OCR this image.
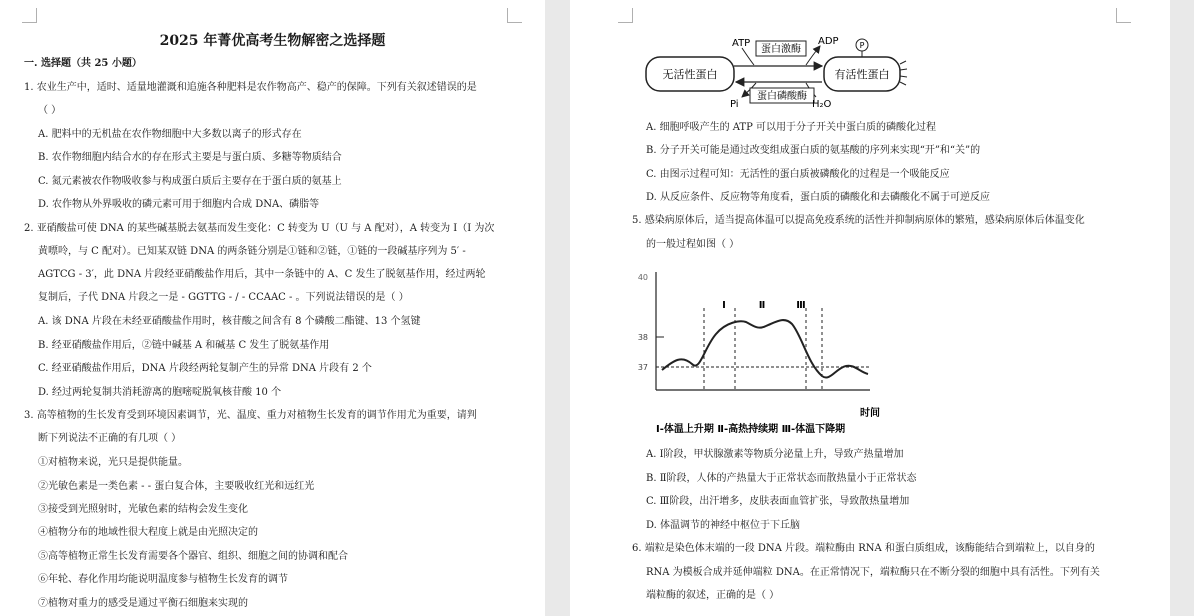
2025 年菁优高考生物解密之选择题
一. 选择题（共 25 小题）
1. 农业生产中，适时、适量地灌溉和追施各种肥料是农作物高产、稳产的保障。下列有关叙述错误的是
（ ）
A. 肥料中的无机盐在农作物细胞中大多数以离子的形式存在
B. 农作物细胞内结合水的存在形式主要是与蛋白质、多糖等物质结合
C. 氮元素被农作物吸收参与构成蛋白质后主要存在于蛋白质的氨基上
D. 农作物从外界吸收的磷元素可用于细胞内合成 DNA、磷脂等
2. 亚硝酸盐可使 DNA 的某些碱基脱去氨基而发生变化：C 转变为 U（U 与 A 配对），A 转变为 I（I 为次
黄嘌呤，与 C 配对）。已知某双链 DNA 的两条链分别是①链和②链，①链的一段碱基序列为 5′ -
AGTCG - 3′，此 DNA 片段经亚硝酸盐作用后，其中一条链中的 A、C 发生了脱氨基作用，经过两轮
复制后，子代 DNA 片段之一是 - GGTTG - / - CCAAC - 。下列说法错误的是（ ）
A. 该 DNA 片段在未经亚硝酸盐作用时，核苷酸之间含有 8 个磷酸二酯键、13 个氢键
B. 经亚硝酸盐作用后，②链中碱基 A 和碱基 C 发生了脱氨基作用
C. 经亚硝酸盐作用后，DNA 片段经两轮复制产生的异常 DNA 片段有 2 个
D. 经过两轮复制共消耗游离的胞嘧啶脱氧核苷酸 10 个
3. 高等植物的生长发育受到环境因素调节，光、温度、重力对植物生长发育的调节作用尤为重要，请判
断下列说法不正确的有几项（ ）
①对植物来说，光只是提供能量。
②光敏色素是一类色素 - - 蛋白复合体，主要吸收红光和远红光
③接受到光照射时，光敏色素的结构会发生变化
④植物分布的地域性很大程度上就是由光照决定的
⑤高等植物正常生长发育需要各个器官、组织、细胞之间的协调和配合
⑥年轮、春化作用均能说明温度参与植物生长发育的调节
⑦植物对重力的感受是通过平衡石细胞来实现的
无活性蛋白	有活性蛋白
P
蛋白激酶
蛋白磷酸酶
ATP	ADP
Pi	H₂O
A. 细胞呼吸产生的 ATP 可以用于分子开关中蛋白质的磷酸化过程
B. 分子开关可能是通过改变组成蛋白质的氨基酸的序列来实现“开”和“关”的
C. 由图示过程可知：无活性的蛋白质被磷酸化的过程是一个吸能反应
D. 从反应条件、反应物等角度看，蛋白质的磷酸化和去磷酸化不属于可逆反应
5. 感染病原体后，适当提高体温可以提高免疫系统的活性并抑制病原体的繁殖，感染病原体后体温变化
的一般过程如图（ ）
40
38
37
Ⅰ	Ⅱ	Ⅲ
时间
Ⅰ-体温上升期 Ⅱ-高热持续期 Ⅲ-体温下降期
A. Ⅰ阶段，甲状腺激素等物质分泌量上升，导致产热量增加
B. Ⅱ阶段，人体的产热量大于正常状态而散热量小于正常状态
C. Ⅲ阶段，出汗增多，皮肤表面血管扩张，导致散热量增加
D. 体温调节的神经中枢位于下丘脑
6. 端粒是染色体末端的一段 DNA 片段。端粒酶由 RNA 和蛋白质组成，该酶能结合到端粒上，以自身的
RNA 为模板合成并延伸端粒 DNA。在正常情况下，端粒酶只在不断分裂的细胞中具有活性。下列有关
端粒酶的叙述，正确的是（ ）
